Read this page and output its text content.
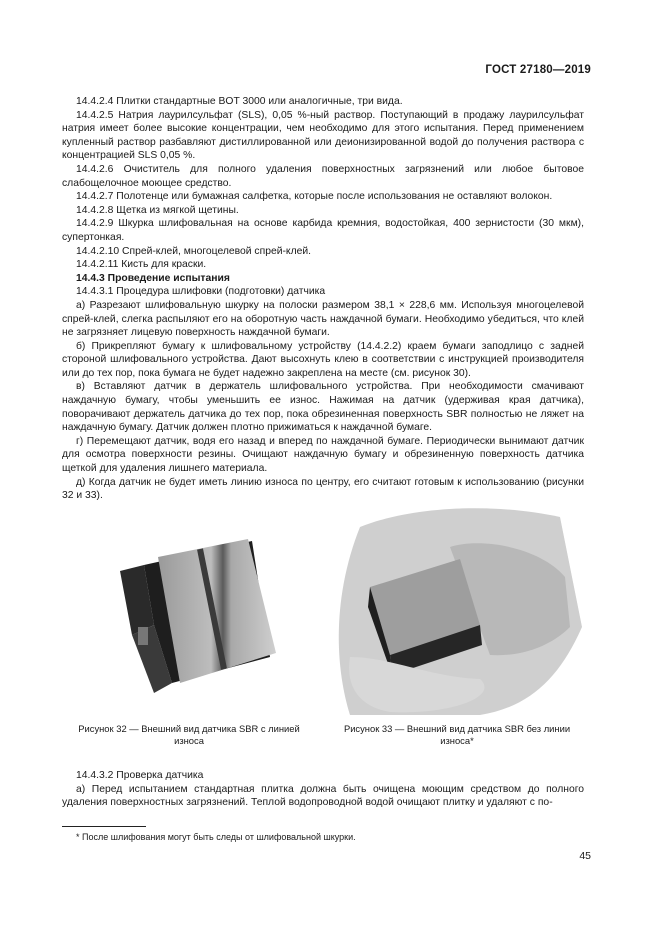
ГОСТ 27180—2019

14.4.2.4 Плитки стандартные BOT 3000 или аналогичные, три вида.

14.4.2.5 Натрия лаурилсульфат (SLS), 0,05 %-ный раствор. Поступающий в продажу лаурилсульфат натрия имеет более высокие концентрации, чем необходимо для этого испытания. Перед применением купленный раствор разбавляют дистиллированной или деионизированной водой до получения раствора с концентрацией SLS 0,05 %.

14.4.2.6 Очиститель для полного удаления поверхностных загрязнений или любое бытовое слабощелочное моющее средство.

14.4.2.7 Полотенце или бумажная салфетка, которые после использования не оставляют волокон.

14.4.2.8 Щетка из мягкой щетины.

14.4.2.9 Шкурка шлифовальная на основе карбида кремния, водостойкая, 400 зернистости (30 мкм), супертонкая.

14.4.2.10 Спрей-клей, многоцелевой спрей-клей.

14.4.2.11 Кисть для краски.

14.4.3 Проведение испытания

14.4.3.1 Процедура шлифовки (подготовки) датчика

а) Разрезают шлифовальную шкурку на полоски размером 38,1 × 228,6 мм. Используя многоцелевой спрей-клей, слегка распыляют его на оборотную часть наждачной бумаги. Необходимо убедиться, что клей не загрязняет лицевую поверхность наждачной бумаги.

б) Прикрепляют бумагу к шлифовальному устройству (14.4.2.2) краем бумаги заподлицо с задней стороной шлифовального устройства. Дают высохнуть клею в соответствии с инструкцией производителя или до тех пор, пока бумага не будет надежно закреплена на месте (см. рисунок 30).

в) Вставляют датчик в держатель шлифовального устройства. При необходимости смачивают наждачную бумагу, чтобы уменьшить ее износ. Нажимая на датчик (удерживая края датчика), поворачивают держатель датчика до тех пор, пока обрезиненная поверхность SBR полностью не ляжет на наждачную бумагу. Датчик должен плотно прижиматься к наждачной бумаге.

г) Перемещают датчик, водя его назад и вперед по наждачной бумаге. Периодически вынимают датчик для осмотра поверхности резины. Очищают наждачную бумагу и обрезиненную поверхность датчика щеткой для удаления лишнего материала.

д) Когда датчик не будет иметь линию износа по центру, его считают готовым к использованию (рисунки 32 и 33).

Рисунок 32 — Внешний вид датчика SBR с линией
износа
Рисунок 33 — Внешний вид датчика SBR без линии
износа*

14.4.3.2 Проверка датчика

а) Перед испытанием стандартная плитка должна быть очищена моющим средством до полного удаления поверхностных загрязнений. Теплой водопроводной водой очищают плитку и удаляют с по-

* После шлифования могут быть следы от шлифовальной шкурки.
45
